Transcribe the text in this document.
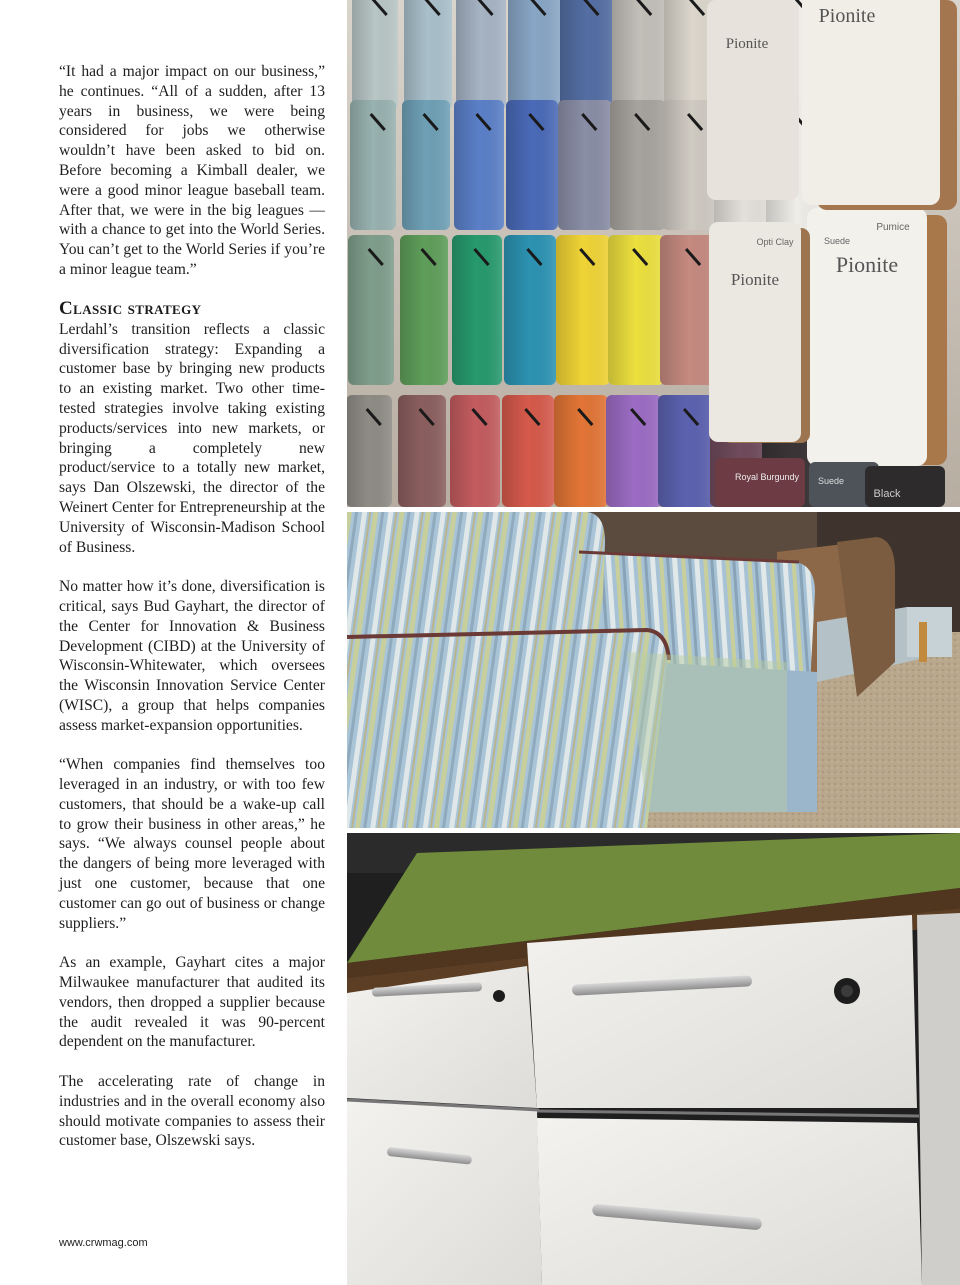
“It had a major impact on our business,” he continues. “All of a sudden, after 13 years in business, we were being considered for jobs we otherwise wouldn’t have been asked to bid on. Before becoming a Kimball dealer, we were a good minor league baseball team. After that, we were in the big leagues — with a chance to get into the World Series. You can’t get to the World Series if you’re a minor league team.”

Classic strategy

Lerdahl’s transition reflects a classic diversification strategy: Expanding a customer base by bringing new products to an existing market. Two other time-tested strategies involve taking existing products/services into new markets, or bringing a completely new product/service to a totally new market, says Dan Olszewski, the director of the Weinert Center for Entrepreneurship at the University of Wisconsin-Madison School of Business.

No matter how it’s done, diversification is critical, says Bud Gayhart, the director of the Center for Innovation & Business Development (CIBD) at the University of Wisconsin-Whitewater, which oversees the Wisconsin Innovation Service Center (WISC), a group that helps companies assess market-expansion opportunities.

“When companies find themselves too leveraged in an industry, or with too few customers, that should be a wake-up call to grow their business in other areas,” he says. “We always counsel people about the dangers of being more leveraged with just one customer, because that one customer can go out of business or change suppliers.”

As an example, Gayhart cites a major Milwaukee manufacturer that audited its vendors, then dropped a supplier because the audit revealed it was 90-percent dependent on the manufacturer.

The accelerating rate of change in industries and in the overall economy also should motivate companies to assess their customer base, Olszewski says.

www.crwmag.com
Pionite
Pumice
Suede
Pionite
Opti Clay
Pionite
Pionite
Royal Burgundy Suede
Black
